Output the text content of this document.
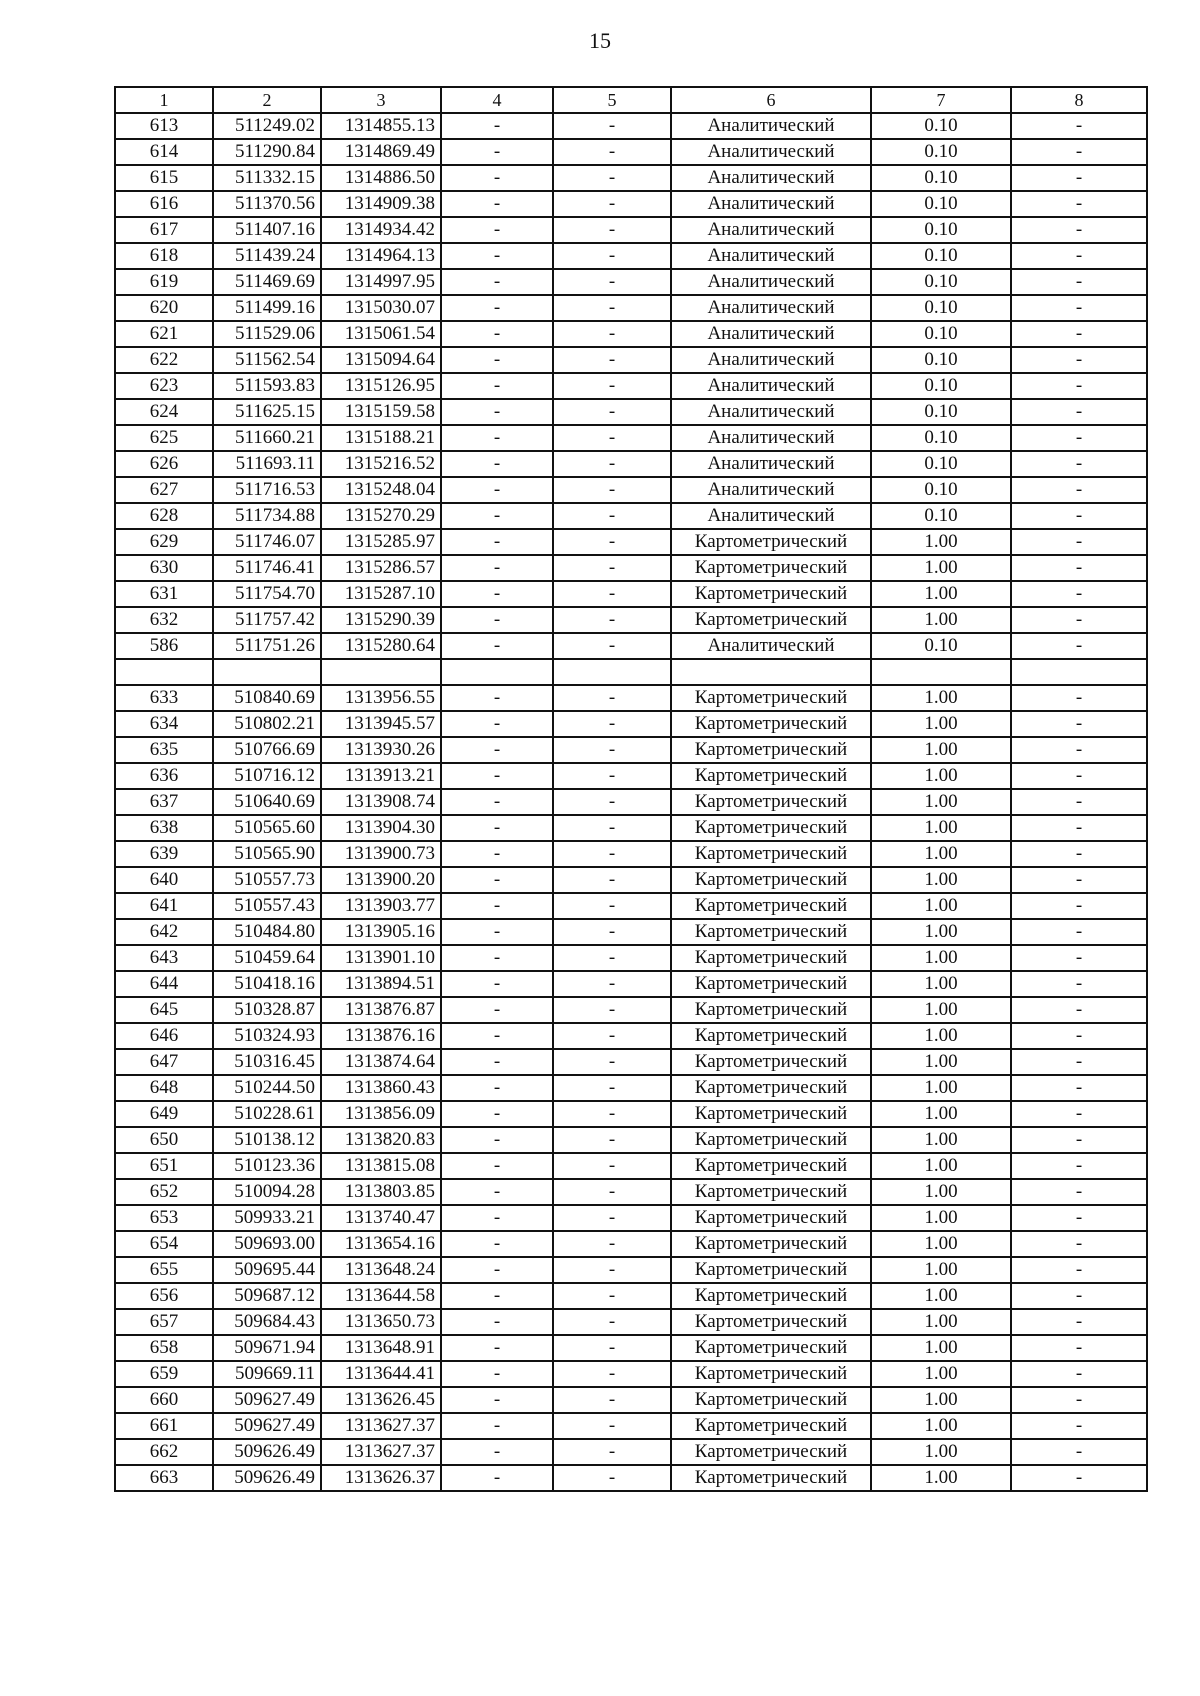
15
1	2	3	4	5	6	7	8
613	511249.02	1314855.13	-	-	Аналитический	0.10	-
614	511290.84	1314869.49	-	-	Аналитический	0.10	-
615	511332.15	1314886.50	-	-	Аналитический	0.10	-
616	511370.56	1314909.38	-	-	Аналитический	0.10	-
617	511407.16	1314934.42	-	-	Аналитический	0.10	-
618	511439.24	1314964.13	-	-	Аналитический	0.10	-
619	511469.69	1314997.95	-	-	Аналитический	0.10	-
620	511499.16	1315030.07	-	-	Аналитический	0.10	-
621	511529.06	1315061.54	-	-	Аналитический	0.10	-
622	511562.54	1315094.64	-	-	Аналитический	0.10	-
623	511593.83	1315126.95	-	-	Аналитический	0.10	-
624	511625.15	1315159.58	-	-	Аналитический	0.10	-
625	511660.21	1315188.21	-	-	Аналитический	0.10	-
626	511693.11	1315216.52	-	-	Аналитический	0.10	-
627	511716.53	1315248.04	-	-	Аналитический	0.10	-
628	511734.88	1315270.29	-	-	Аналитический	0.10	-
629	511746.07	1315285.97	-	-	Картометрический	1.00	-
630	511746.41	1315286.57	-	-	Картометрический	1.00	-
631	511754.70	1315287.10	-	-	Картометрический	1.00	-
632	511757.42	1315290.39	-	-	Картометрический	1.00	-
586	511751.26	1315280.64	-	-	Аналитический	0.10	-

633	510840.69	1313956.55	-	-	Картометрический	1.00	-
634	510802.21	1313945.57	-	-	Картометрический	1.00	-
635	510766.69	1313930.26	-	-	Картометрический	1.00	-
636	510716.12	1313913.21	-	-	Картометрический	1.00	-
637	510640.69	1313908.74	-	-	Картометрический	1.00	-
638	510565.60	1313904.30	-	-	Картометрический	1.00	-
639	510565.90	1313900.73	-	-	Картометрический	1.00	-
640	510557.73	1313900.20	-	-	Картометрический	1.00	-
641	510557.43	1313903.77	-	-	Картометрический	1.00	-
642	510484.80	1313905.16	-	-	Картометрический	1.00	-
643	510459.64	1313901.10	-	-	Картометрический	1.00	-
644	510418.16	1313894.51	-	-	Картометрический	1.00	-
645	510328.87	1313876.87	-	-	Картометрический	1.00	-
646	510324.93	1313876.16	-	-	Картометрический	1.00	-
647	510316.45	1313874.64	-	-	Картометрический	1.00	-
648	510244.50	1313860.43	-	-	Картометрический	1.00	-
649	510228.61	1313856.09	-	-	Картометрический	1.00	-
650	510138.12	1313820.83	-	-	Картометрический	1.00	-
651	510123.36	1313815.08	-	-	Картометрический	1.00	-
652	510094.28	1313803.85	-	-	Картометрический	1.00	-
653	509933.21	1313740.47	-	-	Картометрический	1.00	-
654	509693.00	1313654.16	-	-	Картометрический	1.00	-
655	509695.44	1313648.24	-	-	Картометрический	1.00	-
656	509687.12	1313644.58	-	-	Картометрический	1.00	-
657	509684.43	1313650.73	-	-	Картометрический	1.00	-
658	509671.94	1313648.91	-	-	Картометрический	1.00	-
659	509669.11	1313644.41	-	-	Картометрический	1.00	-
660	509627.49	1313626.45	-	-	Картометрический	1.00	-
661	509627.49	1313627.37	-	-	Картометрический	1.00	-
662	509626.49	1313627.37	-	-	Картометрический	1.00	-
663	509626.49	1313626.37	-	-	Картометрический	1.00	-
